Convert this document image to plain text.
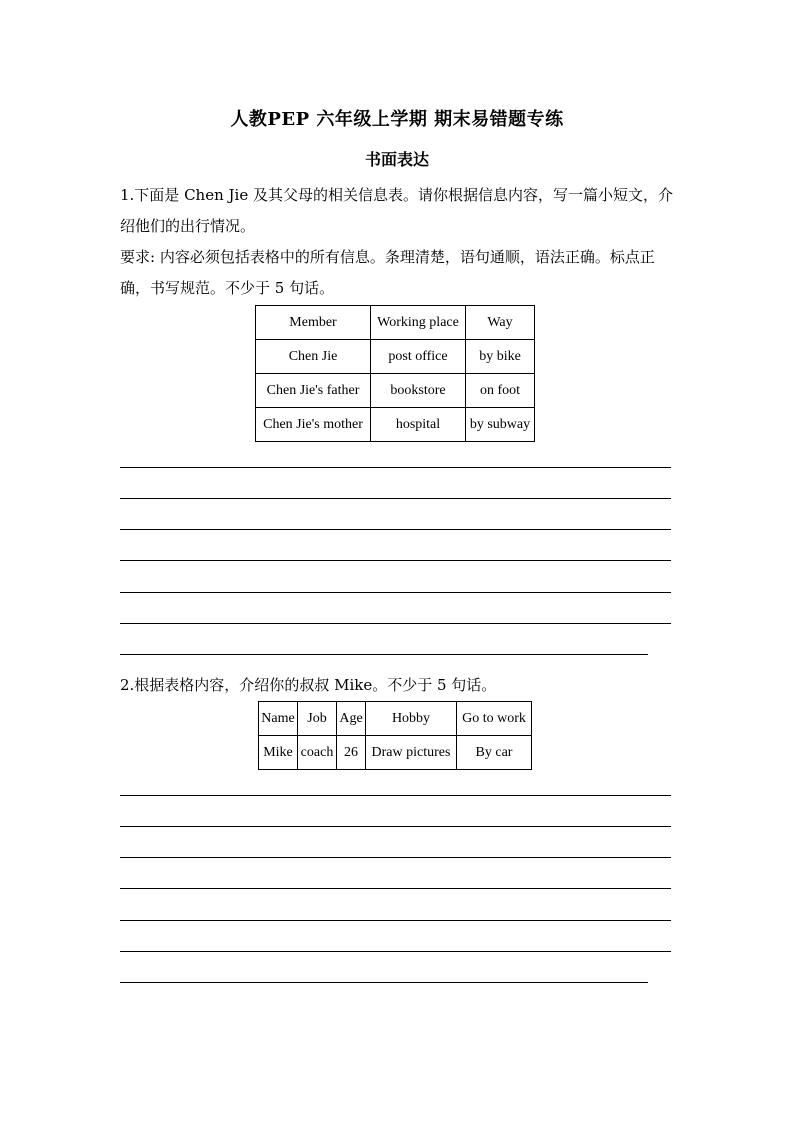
人教PEP 六年级上学期 期末易错题专练
书面表达
1.下面是 Chen Jie 及其父母的相关信息表。请你根据信息内容，写一篇小短文，介绍他们的出行情况。
要求: 内容必须包括表格中的所有信息。条理清楚，语句通顺，语法正确。标点正确，书写规范。不少于 5 句话。
Member	Working place	Way
Chen Jie	post office	by bike
Chen Jie's father	bookstore	on foot
Chen Jie's mother	hospital	by subway
2.根据表格内容，介绍你的叔叔 Mike。不少于 5 句话。
Name	Job	Age	Hobby	Go to work
Mike	coach	26	Draw pictures	By car
